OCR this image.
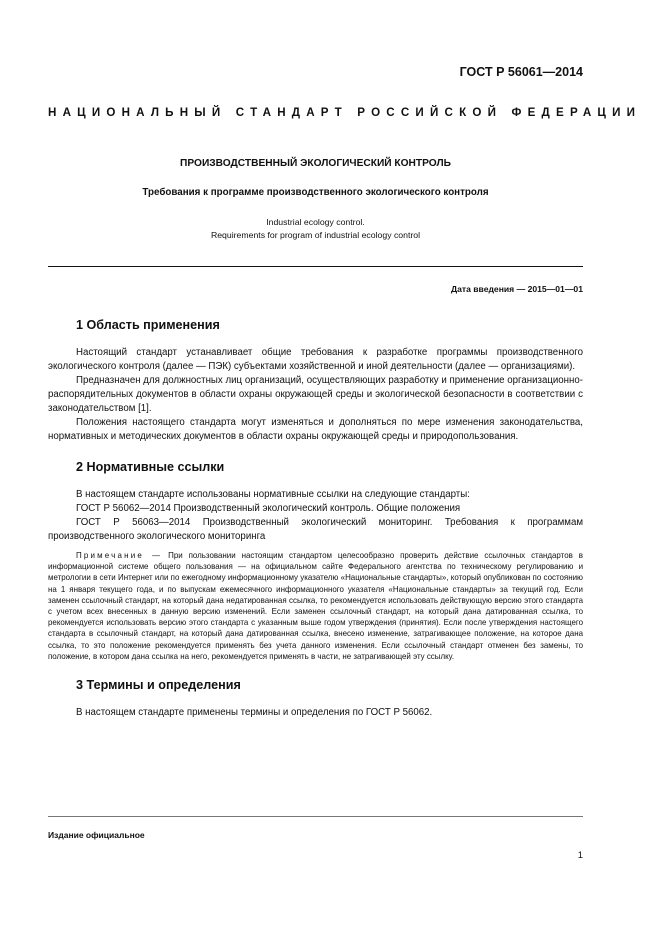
ГОСТ Р 56061—2014
НАЦИОНАЛЬНЫЙ СТАНДАРТ РОССИЙСКОЙ ФЕДЕРАЦИИ
ПРОИЗВОДСТВЕННЫЙ ЭКОЛОГИЧЕСКИЙ КОНТРОЛЬ
Требования к программе производственного экологического контроля
Industrial ecology control.
Requirements for program of industrial ecology control
Дата введения — 2015—01—01
1 Область применения

Настоящий стандарт устанавливает общие требования к разработке программы производственного экологического контроля (далее — ПЭК) субъектами хозяйственной и иной деятельности (далее — организациями).

Предназначен для должностных лиц организаций, осуществляющих разработку и применение организационно-распорядительных документов в области охраны окружающей среды и экологической безопасности в соответствии с законодательством [1].

Положения настоящего стандарта могут изменяться и дополняться по мере изменения законодательства, нормативных и методических документов в области охраны окружающей среды и природопользования.

2 Нормативные ссылки

В настоящем стандарте использованы нормативные ссылки на следующие стандарты:

ГОСТ Р 56062—2014 Производственный экологический контроль. Общие положения

ГОСТ Р 56063—2014 Производственный экологический мониторинг. Требования к программам производственного экологического мониторинга

Примечание — При пользовании настоящим стандартом целесообразно проверить действие ссылочных стандартов в информационной системе общего пользования — на официальном сайте Федерального агентства по техническому регулированию и метрологии в сети Интернет или по ежегодному информационному указателю «Национальные стандарты», который опубликован по состоянию на 1 января текущего года, и по выпускам ежемесячного информационного указателя «Национальные стандарты» за текущий год. Если заменен ссылочный стандарт, на который дана недатированная ссылка, то рекомендуется использовать действующую версию этого стандарта с учетом всех внесенных в данную версию изменений. Если заменен ссылочный стандарт, на который дана датированная ссылка, то рекомендуется использовать версию этого стандарта с указанным выше годом утверждения (принятия). Если после утверждения настоящего стандарта в ссылочный стандарт, на который дана датированная ссылка, внесено изменение, затрагивающее положение, на которое дана ссылка, то это положение рекомендуется применять без учета данного изменения. Если ссылочный стандарт отменен без замены, то положение, в котором дана ссылка на него, рекомендуется применять в части, не затрагивающей эту ссылку.

3 Термины и определения

В настоящем стандарте применены термины и определения по ГОСТ Р 56062.

Издание официальное
1
